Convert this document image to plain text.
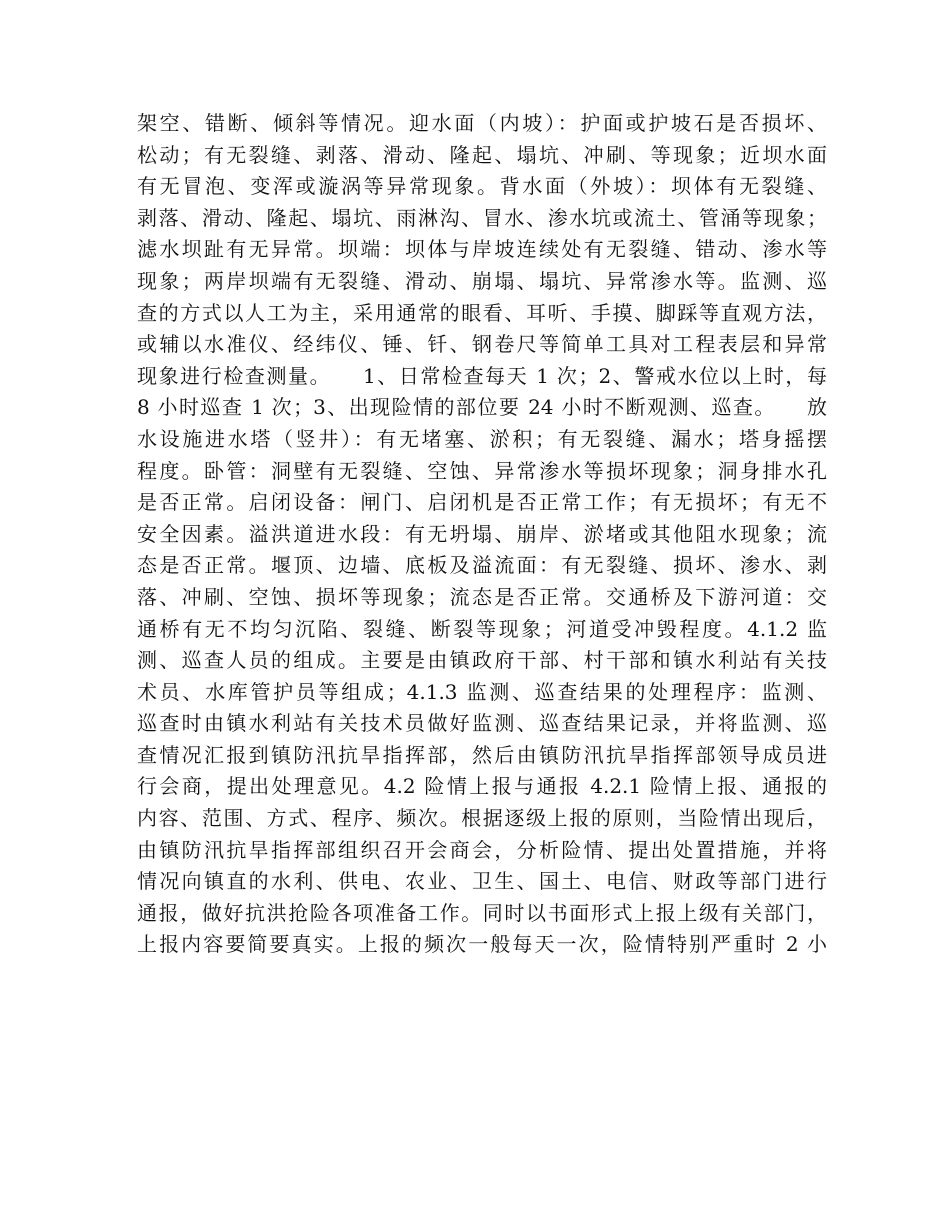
架空、错断、倾斜等情况。迎水面（内坡）：护面或护坡石是否损坏、
松动；有无裂缝、剥落、滑动、隆起、塌坑、冲刷、等现象；近坝水面
有无冒泡、变浑或漩涡等异常现象。背水面（外坡）：坝体有无裂缝、
剥落、滑动、隆起、塌坑、雨淋沟、冒水、渗水坑或流土、管涌等现象；
滤水坝趾有无异常。坝端：坝体与岸坡连续处有无裂缝、错动、渗水等
现象；两岸坝端有无裂缝、滑动、崩塌、塌坑、异常渗水等。监测、巡
查的方式以人工为主，采用通常的眼看、耳听、手摸、脚踩等直观方法，
或辅以水准仪、经纬仪、锤、钎、钢卷尺等简单工具对工程表层和异常
现象进行检查测量。    1、日常检查每天 1 次；2、警戒水位以上时，每
8 小时巡查 1 次；3、出现险情的部位要 24 小时不断观测、巡查。    放
水设施进水塔（竖井）：有无堵塞、淤积；有无裂缝、漏水；塔身摇摆
程度。卧管：洞壁有无裂缝、空蚀、异常渗水等损坏现象；洞身排水孔
是否正常。启闭设备：闸门、启闭机是否正常工作；有无损坏；有无不
安全因素。溢洪道进水段：有无坍塌、崩岸、淤堵或其他阻水现象；流
态是否正常。堰顶、边墙、底板及溢流面：有无裂缝、损坏、渗水、剥
落、冲刷、空蚀、损坏等现象；流态是否正常。交通桥及下游河道：交
通桥有无不均匀沉陷、裂缝、断裂等现象；河道受冲毁程度。4.1.2 监
测、巡查人员的组成。主要是由镇政府干部、村干部和镇水利站有关技
术员、水库管护员等组成；4.1.3 监测、巡查结果的处理程序：监测、
巡查时由镇水利站有关技术员做好监测、巡查结果记录，并将监测、巡
查情况汇报到镇防汛抗旱指挥部，然后由镇防汛抗旱指挥部领导成员进
行会商，提出处理意见。4.2 险情上报与通报 4.2.1 险情上报、通报的
内容、范围、方式、程序、频次。根据逐级上报的原则，当险情出现后，
由镇防汛抗旱指挥部组织召开会商会，分析险情、提出处置措施，并将
情况向镇直的水利、供电、农业、卫生、国土、电信、财政等部门进行
通报，做好抗洪抢险各项准备工作。同时以书面形式上报上级有关部门，
上报内容要简要真实。上报的频次一般每天一次，险情特别严重时 2 小
